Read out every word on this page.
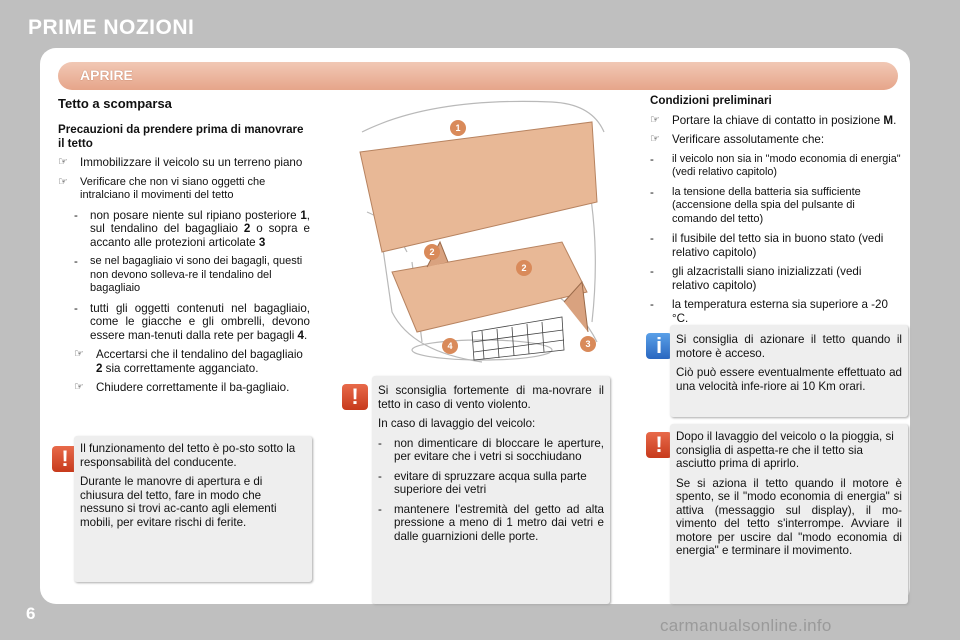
PRIME NOZIONI
APRIRE
Tetto a scomparsa
Precauzioni da prendere prima di manovrare il tetto
☞	Immobilizzare il veicolo su un terreno piano
☞	Verificare che non vi siano oggetti che intralciano il movimenti del tetto
-	non posare niente sul ripiano posteriore 1, sul tendalino del bagagliaio 2 o sopra e accanto alle protezioni articolate 3
-	se nel bagagliaio vi sono dei bagagli, questi non devono solleva-re il tendalino del bagagliaio
-	tutti gli oggetti contenuti nel bagagliaio, come le giacche e gli ombrelli, devono essere man-tenuti dalla rete per bagagli 4.
☞	Accertarsi che il tendalino del bagagliaio 2 sia correttamente agganciato.
☞	Chiudere correttamente il ba-gagliaio.
! Il funzionamento del tetto è po-sto sotto la responsabilità del conducente.

Durante le manovre di apertura e di chiusura del tetto, fare in modo che nessuno si trovi ac-canto agli elementi mobili, per evitare rischi di ferite.

1
2
2
3
4
!	Si sconsiglia fortemente di ma-novrare il tetto in caso di vento violento.

In caso di lavaggio del veicolo:

-	non dimenticare di bloccare le aperture, per evitare che i vetri si socchiudano
-	evitare di spruzzare acqua sulla parte superiore dei vetri
-	mantenere l'estremità del getto ad alta pressione a meno di 1 metro dai vetri e dalle guarnizioni delle porte.
Condizioni preliminari
☞	Portare la chiave di contatto in posizione M.
☞	Verificare assolutamente che:
-	il veicolo non sia in "modo economia di energia" (vedi relativo capitolo)
-	la tensione della batteria sia sufficiente (accensione della spia del pulsante di comando del tetto)
-	il fusibile del tetto sia in buono stato (vedi relativo capitolo)
-	gli alzacristalli siano inizializzati (vedi relativo capitolo)
-	la temperatura esterna sia superiore a -20 °C.
i	Si consiglia di azionare il tetto quando il motore è acceso.

Ciò può essere eventualmente effettuato ad una velocità infe-riore ai 10 Km orari.

!	Dopo il lavaggio del veicolo o la pioggia, si consiglia di aspetta-re che il tetto sia asciutto prima di aprirlo.

Se si aziona il tetto quando il motore è spento, se il "modo economia di energia" si attiva (messaggio sul display), il mo-vimento del tetto s'interrompe. Avviare il motore per uscire dal "modo economia di energia" e terminare il movimento.

6
carmanualsonline.info
